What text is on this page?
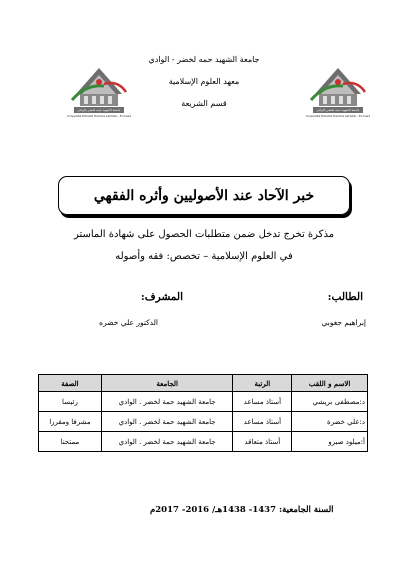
جامعة الشهيد حمه لخضر بالوادي
Université Echahid Hamma Lakhdar - El Oued
جامعة الشهيد حمه لخضر بالوادي
Université Echahid Hamma Lakhdar - El Oued
جامعة الشهيد حمه لخضر - الوادي
معهد العلوم الإسلامية
قسم الشريعة
خبر الآحاد عند الأصوليين وأثره الفقهي
مذكرة تخرج تدخل ضمن متطلبات الحصول على شهادة الماستر
في العلوم الإسلامية – تخصص: فقه وأصوله
الطالب:
المشرف:
إبراهيم جغوبي
الدكتور علي خضره
الاسم و اللقب	الرتبة	الجامعة	الصفة
د:مصطفى بريشي	أستاذ مساعد	جامعة الشهيد حمة لخضر . الوادي	رئيسا
د:علي خضرة	أستاذ مساعد	جامعة الشهيد حمة لخضر . الوادي	مشرفا ومقررا
أ:ميلود صبرو	أستاذ متعاقد	جامعة الشهيد حمة لخضر . الوادي	ممتحنا
السنة الجامعية: 1437- 1438هـ/ 2016- 2017م
